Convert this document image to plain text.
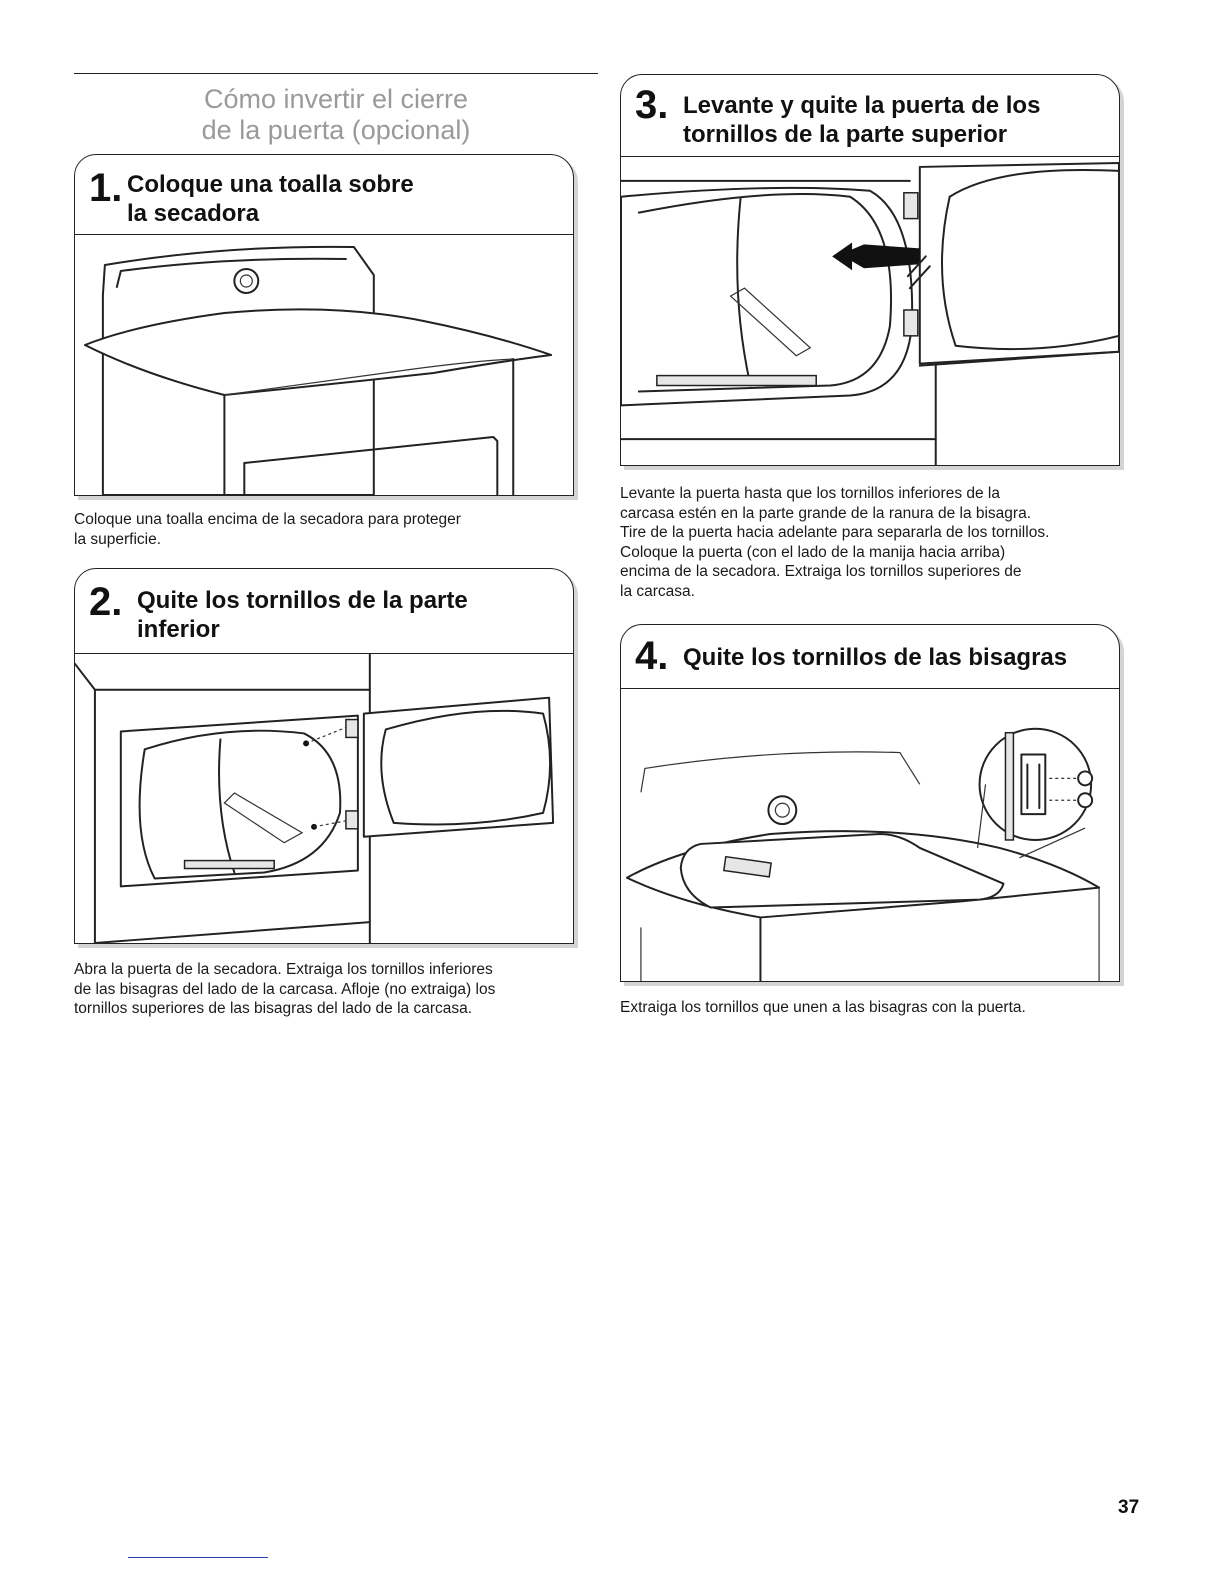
Cómo invertir el cierre
de la puerta (opcional)
1. Coloque una toalla sobre
la secadora
Coloque una toalla encima de la secadora para proteger
la superficie.
2. Quite los tornillos de la parte
inferior
Abra la puerta de la secadora. Extraiga los tornillos inferiores
de las bisagras del lado de la carcasa. Afloje (no extraiga) los
tornillos superiores de las bisagras del lado de la carcasa.
3. Levante y quite la puerta de los
tornillos de la parte superior
Levante la puerta hasta que los tornillos inferiores de la
carcasa estén en la parte grande de la ranura de la bisagra.
Tire de la puerta hacia adelante para separarla de los tornillos.
Coloque la puerta (con el lado de la manija hacia arriba)
encima de la secadora. Extraiga los tornillos superiores de
la carcasa.
4. Quite los tornillos de las bisagras
Extraiga los tornillos que unen a las bisagras con la puerta.
37
